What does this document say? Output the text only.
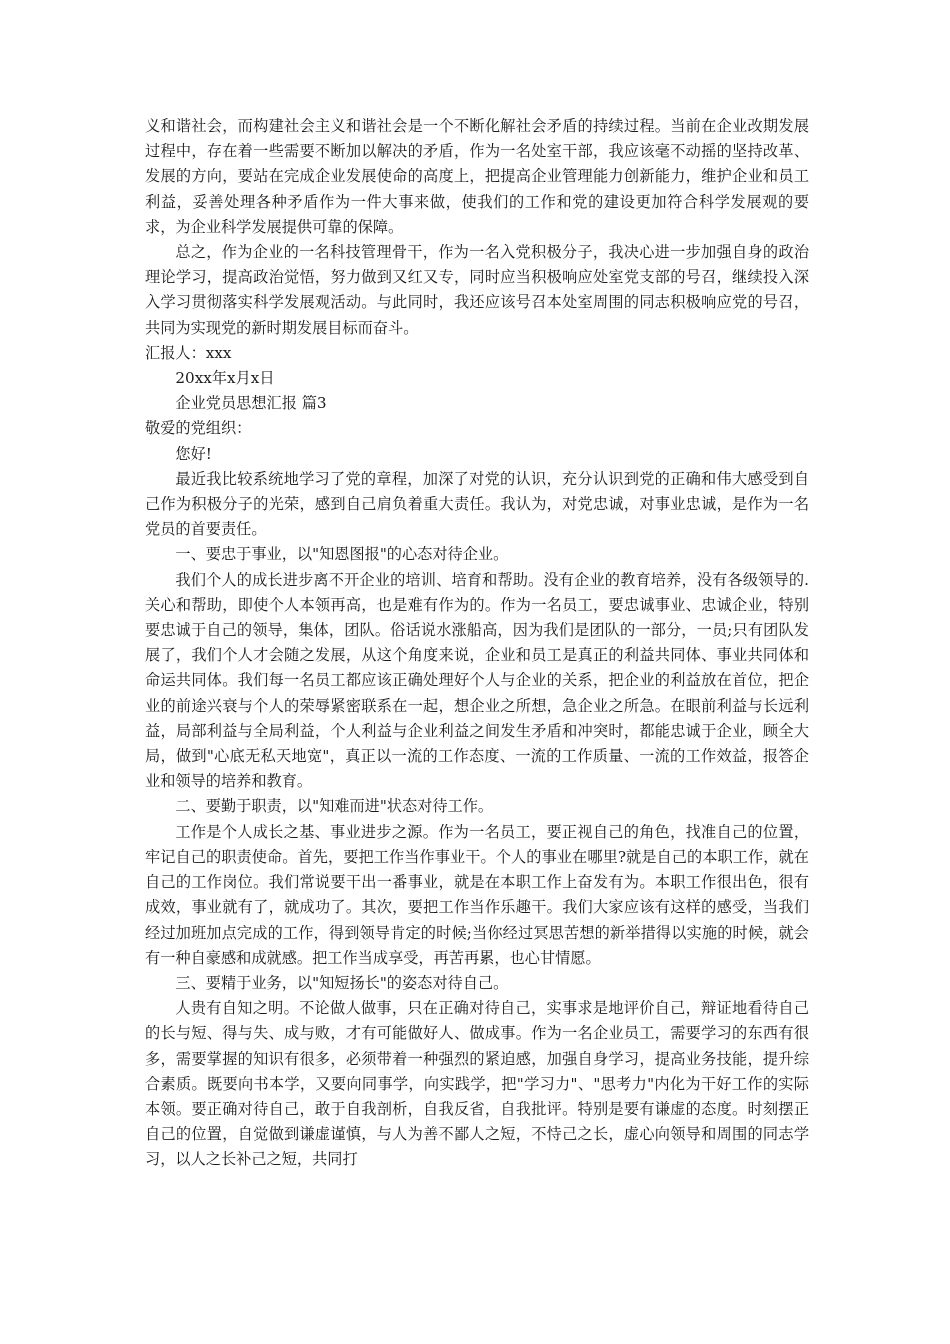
义和谐社会，而构建社会主义和谐社会是一个不断化解社会矛盾的持续过程。当前在企业改期发展过程中，存在着一些需要不断加以解决的矛盾，作为一名处室干部，我应该毫不动摇的坚持改革、发展的方向，要站在完成企业发展使命的高度上，把提高企业管理能力创新能力，维护企业和员工利益，妥善处理各种矛盾作为一件大事来做，使我们的工作和党的建设更加符合科学发展观的要求，为企业科学发展提供可靠的保障。

总之，作为企业的一名科技管理骨干，作为一名入党积极分子，我决心进一步加强自身的政治理论学习，提高政治觉悟，努力做到又红又专，同时应当积极响应处室党支部的号召，继续投入深入学习贯彻落实科学发展观活动。与此同时，我还应该号召本处室周围的同志积极响应党的号召，共同为实现党的新时期发展目标而奋斗。

汇报人：xxx

20xx年x月x日

企业党员思想汇报 篇3

敬爱的党组织：

您好!

最近我比较系统地学习了党的章程，加深了对党的认识，充分认识到党的正确和伟大感受到自己作为积极分子的光荣，感到自己肩负着重大责任。我认为，对党忠诚，对事业忠诚，是作为一名党员的首要责任。

一、要忠于事业，以"知恩图报"的心态对待企业。

我们个人的成长进步离不开企业的培训、培育和帮助。没有企业的教育培养，没有各级领导的.关心和帮助，即使个人本领再高，也是难有作为的。作为一名员工，要忠诚事业、忠诚企业，特别要忠诚于自己的领导，集体，团队。俗话说水涨船高，因为我们是团队的一部分，一员;只有团队发展了，我们个人才会随之发展，从这个角度来说，企业和员工是真正的利益共同体、事业共同体和命运共同体。我们每一名员工都应该正确处理好个人与企业的关系，把企业的利益放在首位，把企业的前途兴衰与个人的荣辱紧密联系在一起，想企业之所想，急企业之所急。在眼前利益与长远利益，局部利益与全局利益，个人利益与企业利益之间发生矛盾和冲突时，都能忠诚于企业，顾全大局，做到"心底无私天地宽"，真正以一流的工作态度、一流的工作质量、一流的工作效益，报答企业和领导的培养和教育。

二、要勤于职责，以"知难而进"状态对待工作。

工作是个人成长之基、事业进步之源。作为一名员工，要正视自己的角色，找准自己的位置，牢记自己的职责使命。首先，要把工作当作事业干。个人的事业在哪里?就是自己的本职工作，就在自己的工作岗位。我们常说要干出一番事业，就是在本职工作上奋发有为。本职工作很出色，很有成效，事业就有了，就成功了。其次，要把工作当作乐趣干。我们大家应该有这样的感受，当我们经过加班加点完成的工作，得到领导肯定的时候;当你经过冥思苦想的新举措得以实施的时候，就会有一种自豪感和成就感。把工作当成享受，再苦再累，也心甘情愿。

三、要精于业务，以"知短扬长"的姿态对待自己。

人贵有自知之明。不论做人做事，只在正确对待自己，实事求是地评价自己，辩证地看待自己的长与短、得与失、成与败，才有可能做好人、做成事。作为一名企业员工，需要学习的东西有很多，需要掌握的知识有很多，必须带着一种强烈的紧迫感，加强自身学习，提高业务技能，提升综合素质。既要向书本学，又要向同事学，向实践学，把"学习力"、"思考力"内化为干好工作的实际本领。要正确对待自己，敢于自我剖析，自我反省，自我批评。特别是要有谦虚的态度。时刻摆正自己的位置，自觉做到谦虚谨慎，与人为善不鄙人之短，不恃己之长，虚心向领导和周围的同志学习，以人之长补己之短，共同打
